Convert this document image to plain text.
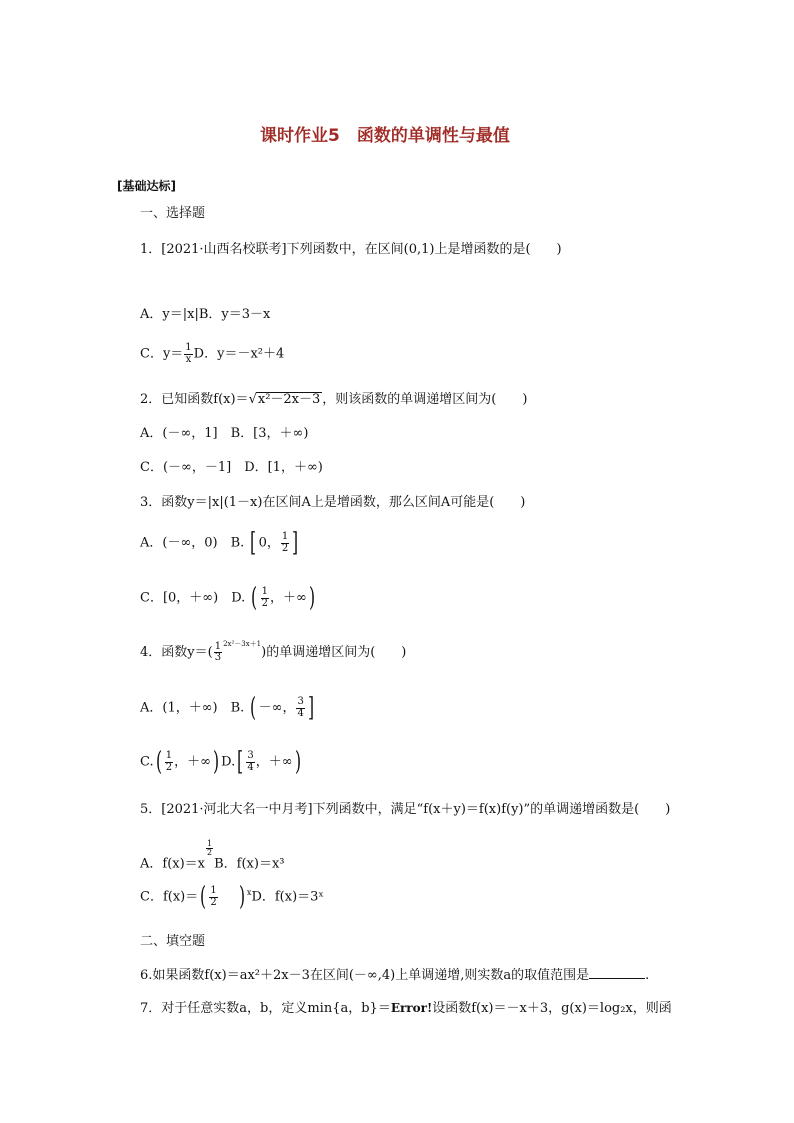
课时作业5　函数的单调性与最值
[基础达标]
一、选择题
1．[2021·山西名校联考]下列函数中，在区间(0,1)上是增函数的是(　　)
A．y＝|x|B．y＝3－x
C．$y= \frac{1}{x}$ D．y＝－x²＋4
2．已知函数f(x)＝√x²－2x－3 ，则该函数的单调递增区间为(　　)
A．(－∞，1]　B．[3，＋∞)
C．(－∞，－1]　D．[1，＋∞)
3．函数y＝|x|(1－x)在区间A上是增函数，那么区间A可能是(　　)
A．(－∞，0)　B. [ 0， $\frac{1}{2}$ ]
C．[0，＋∞)　D. ( $\frac{1}{2}$ ，＋∞)
4．函数$y=( \frac{1}{3} ^{2x^2-3x+1})$的单调递增区间为(　　)
A．(1，＋∞)　B. ( －∞， $\frac{3}{4}$ ]
$C.( \frac{1}{2}$ ，＋∞) $D.[ \frac{3}{4}$ ，＋∞)
5．[2021·河北大名一中月考]下列函数中，满足“f(x＋y)＝f(x)f(y)”的单调递增函数是(　　)
A．f(x)＝x
$\frac{1}{2}$
B．f(x)＝x³
C．$f(x)=( \frac{1}{2}$ ) $^x$D．f(x)＝3ˣ
二、填空题
6.如果函数f(x)＝ax²＋2x－3在区间(－∞,4)上单调递增,则实数a的取值范围是	.
7．对于任意实数a，b，定义min{a，b}＝Error!设函数f(x)＝－x＋3，g(x)＝log₂x，则函
